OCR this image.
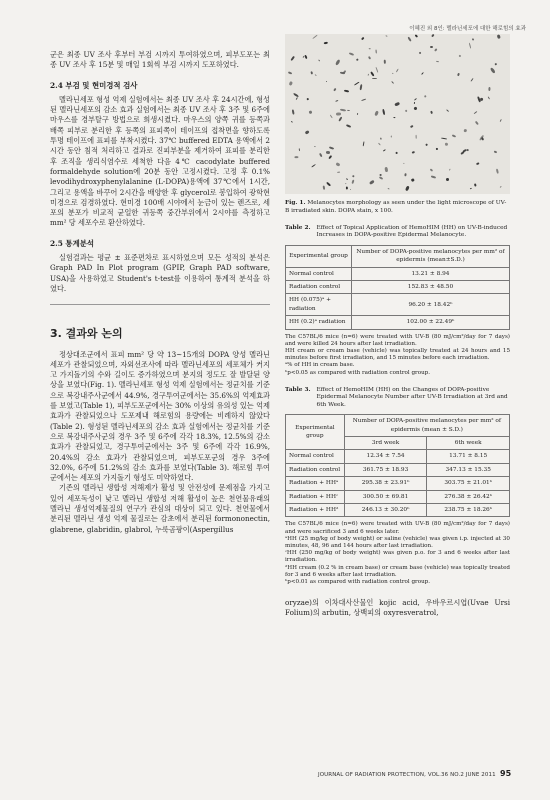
이혜진 외 8인: 멜라닌세포에 대한 해로힘의 효과

군은 최종 UV 조사 후부터 부검 시까지 투여하였으며, 피부도포는 최종 UV 조사 후 15분 및 매일 1회씩 부검 시까지 도포하였다.

2.4 부검 및 현미경적 검사

멜라닌세포 형성 억제 실험에서는 최종 UV 조사 후 24시간에, 형성된 멜라닌세포의 감소 효과 실험에서는 최종 UV 조사 후 3주 및 6주에 마우스를 경부탈구 방법으로 희생시켰다. 마우스의 양쪽 귀를 등쪽과 배쪽 피부로 분리한 후 등쪽의 표피쪽이 테이프의 접착면을 향하도록 투명 테이프에 표피를 부착시켰다. 37℃ buffered EDTA 용액에서 2시간 동안 침적 처리하고 결과로 진피부분을 제거하여 표피를 분리한 후 조직을 생리식염수로 세척한 다음 4℃ cacodylate buffered formaldehyde solution에 20분 동안 고정시켰다. 고정 후 0.1% levodihydroxyphenylalanine (L-DOPA)용액에 37℃에서 1시간, 그리고 용액을 바꾸어 2시간을 배양한 후 glycerol로 봉입하여 광학현미경으로 검경하였다. 현미경 100배 시야에서 눈금이 있는 렌즈로, 세포의 분포가 비교적 균일한 귀등쪽 중간부위에서 2시야를 측정하고 mm² 당 세포수로 환산하였다.

2.5 통계분석

실험결과는 평균 ± 표준편차로 표시하였으며 모든 성적의 분석은 Graph PAD In Plot program (GPIP, Graph PAD software, USA)을 사용하였고 Student's t-test를 이용하여 통계적 분석을 하였다.

3. 결과와 논의

정상대조군에서 표피 mm² 당 약 13~15개의 DOPA 양성 멜라닌세포가 관찰되었으며, 자외선조사에 따라 멜라닌세포의 세포체가 커지고 가지돌기의 수와 길이도 증가하였으며 분지의 정도도 잘 발달된 양상을 보였다(Fig. 1). 멜라닌세포 형성 억제 실험에서는 정균치를 기준으로 복강내주사군에서 44.9%, 경구투여군에서는 35.6%의 억제효과를 보였고(Table 1), 피부도포군에서는 30% 이상의 유의성 있는 억제 효과가 관찰되었으나 도포제내 해로힘의 용량에는 비례하지 않았다(Table 2). 형성된 멜라닌세포의 감소 효과 실험에서는 정균치를 기준으로 복강내주사군의 경우 3주 및 6주에 각각 18.3%, 12.5%의 감소효과가 관찰되었고, 경구투여군에서는 3주 및 6주에 각각 16.9%, 20.4%의 감소 효과가 관찰되었으며, 피부도포군의 경우 3주에 32.0%, 6주에 51.2%의 감소 효과를 보였다(Table 3). 해로힘 투여군에서는 세포의 가지돌기 형성도 미약하였다.

기존의 멜라닌 생합성 저해제가 활성 및 안전성에 문제점을 가지고 있어 세포독성이 낮고 멜라닌 생합성 저해 활성이 높은 천연물유래의 멜라닌 생성억제물질의 연구가 관심의 대상이 되고 있다. 천연물에서 분리된 멜라닌 생성 억제 물질로는 감초에서 분리된 formononectin, glabrene, glabridin, glabrol, 누룩곰팡이(Aspergillus

Fig. 1. Melanocytes morphology as seen under the light microscope of UV-B irradiated skin. DOPA stain, x 100.
Table 2. Effect of Topical Application of HemoHIM (HH) on UV-B-induced Increases in DOPA-positive Epidermal Melanocyte.
Experimental group	Number of DOPA-positive melanocytes per mm² of epidermis (mean±S.D.)
Normal control	13.21 ± 8.94
Radiation control	152.83 ± 48.50
HH (0.075)ᵃ + radiation	96.20 ± 18.42ᵇ
HH (0.2)ᵃ radiation	102.00 ± 22.49ᵇ

The C57BL/6 mice (n=6) were treated with UV-B (80 mJ/cm²/day for 7 days) and were killed 24 hours after last irradiation.

HH cream or cream base (vehicle) was topically treated at 24 hours and 15 minutes before first irradiation, and 15 minutes before each irradiation.

ᵃ% of HH in cream base.

ᵇp<0.05 as compared with radiation control group.

Table 3. Effect of HemoHIM (HH) on the Changes of DOPA-positive Epidermal Melanocyte Number after UV-B Irradiation at 3rd and 6th Week.
Experimental group	Number of DOPA-positive melanocytes per mm² of epidermis (mean ± S.D.)	
	3rd week	6th week
Normal control	12.34 ± 7.54	13.71 ± 8.15
Radiation control	361.75 ± 18.93	347.13 ± 15.35
Radiation + HHᵃ	295.38 ± 23.91ᵇ	303.75 ± 21.01ᵇ
Radiation + HHᶜ	300.50 ± 69.81	276.38 ± 26.42ᵇ
Radiation + HHᵈ	246.13 ± 30.20ᵇ	238.75 ± 18.26ᵇ

The C57BL/6 mice (n=6) were treated with UV-B (80 mJ/cm²/day for 7 days) and were sacrificed 3 and 6 weeks later.

ᵃHH (25 mg/kg of body weight) or saline (vehicle) was given i.p. injected at 30 minutes, 48, 96 and 144 hours after last irradiation.

ᶜHH (250 mg/kg of body weight) was given p.o. for 3 and 6 weeks after last irradiation.

ᵈHH cream (0.2 % in cream base) or cream base (vehicle) was topically treated for 3 and 6 weeks after last irradiation.

ᵇp<0.01 as compared with radiation control group.

oryzae)의 이차대사산물인 kojic acid, 우바우르시엽(Uvae Ursi Folium)의 arbutin, 상백피의 oxyresveratrol,

JOURNAL OF RADIATION PROTECTION, VOL.36 NO.2 JUNE 2011 95
